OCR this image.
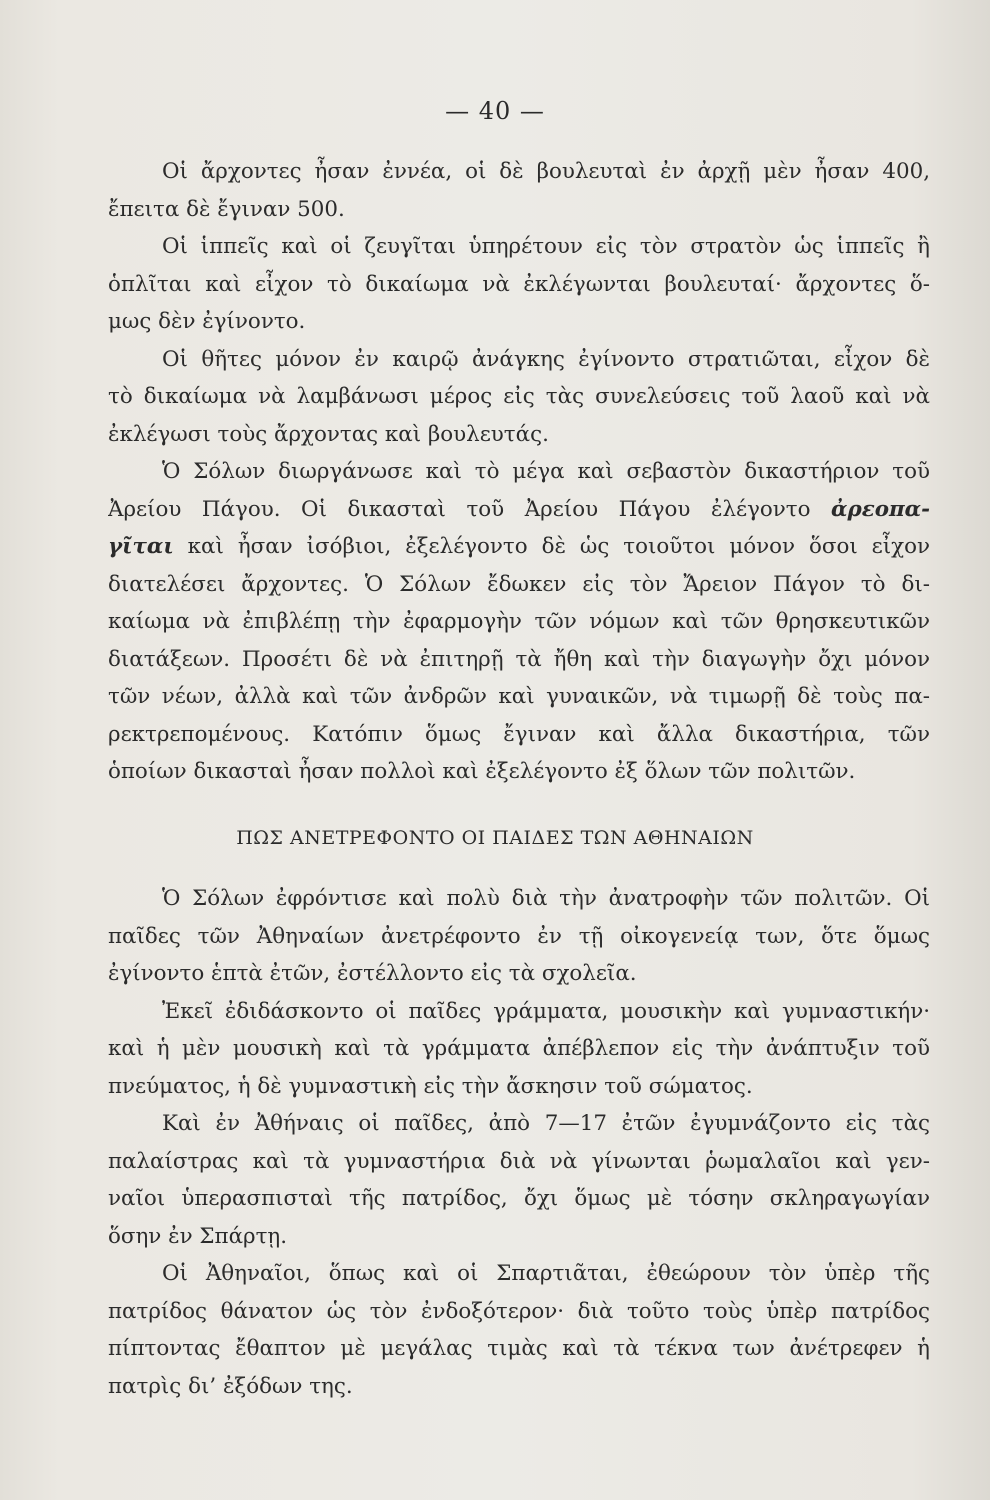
— 40 —
Οἱ ἄρχοντες ἦσαν ἐννέα, οἱ δὲ βουλευταὶ ἐν ἀρχῇ μὲν ἦσαν 400,
ἔπειτα δὲ ἔγιναν 500.
Οἱ ἱππεῖς καὶ οἱ ζευγῖται ὑπηρέτουν εἰς τὸν στρατὸν ὡς ἱππεῖς ἢ
ὁπλῖται καὶ εἶχον τὸ δικαίωμα νὰ ἐκλέγωνται βουλευταί· ἄρχοντες ὅ-
μως δὲν ἐγίνοντο.
Οἱ θῆτες μόνον ἐν καιρῷ ἀνάγκης ἐγίνοντο στρατιῶται, εἶχον δὲ
τὸ δικαίωμα νὰ λαμβάνωσι μέρος εἰς τὰς συνελεύσεις τοῦ λαοῦ καὶ νὰ
ἐκλέγωσι τοὺς ἄρχοντας καὶ βουλευτάς.
Ὁ Σόλων διωργάνωσε καὶ τὸ μέγα καὶ σεβαστὸν δικαστήριον τοῦ
Ἀρείου Πάγου. Οἱ δικασταὶ τοῦ Ἀρείου Πάγου ἐλέγοντο ἀρεοπα-
γῖται καὶ ἦσαν ἰσόβιοι, ἐξελέγοντο δὲ ὡς τοιοῦτοι μόνον ὅσοι εἶχον
διατελέσει ἄρχοντες. Ὁ Σόλων ἔδωκεν εἰς τὸν Ἄρειον Πάγον τὸ δι-
καίωμα νὰ ἐπιβλέπῃ τὴν ἐφαρμογὴν τῶν νόμων καὶ τῶν θρησκευτικῶν
διατάξεων. Προσέτι δὲ νὰ ἐπιτηρῇ τὰ ἤθη καὶ τὴν διαγωγὴν ὄχι μόνον
τῶν νέων, ἀλλὰ καὶ τῶν ἀνδρῶν καὶ γυναικῶν, νὰ τιμωρῇ δὲ τοὺς πα-
ρεκτρεπομένους. Κατόπιν ὅμως ἔγιναν καὶ ἄλλα δικαστήρια, τῶν
ὁποίων δικασταὶ ἦσαν πολλοὶ καὶ ἐξελέγοντο ἐξ ὅλων τῶν πολιτῶν.
ΠΩΣ ΑΝΕΤΡΕΦΟΝΤΟ ΟΙ ΠΑΙΔΕΣ ΤΩΝ ΑΘΗΝΑΙΩΝ
Ὁ Σόλων ἐφρόντισε καὶ πολὺ διὰ τὴν ἀνατροφὴν τῶν πολιτῶν. Οἱ
παῖδες τῶν Ἀθηναίων ἀνετρέφοντο ἐν τῇ οἰκογενείᾳ των, ὅτε ὅμως
ἐγίνοντο ἑπτὰ ἐτῶν, ἐστέλλοντο εἰς τὰ σχολεῖα.
Ἐκεῖ ἐδιδάσκοντο οἱ παῖδες γράμματα, μουσικὴν καὶ γυμναστικήν·
καὶ ἡ μὲν μουσικὴ καὶ τὰ γράμματα ἀπέβλεπον εἰς τὴν ἀνάπτυξιν τοῦ
πνεύματος, ἡ δὲ γυμναστικὴ εἰς τὴν ἄσκησιν τοῦ σώματος.
Καὶ ἐν Ἀθήναις οἱ παῖδες, ἀπὸ 7—17 ἐτῶν ἐγυμνάζοντο εἰς τὰς
παλαίστρας καὶ τὰ γυμναστήρια διὰ νὰ γίνωνται ῥωμαλαῖοι καὶ γεν-
ναῖοι ὑπερασπισταὶ τῆς πατρίδος, ὄχι ὅμως μὲ τόσην σκληραγωγίαν
ὅσην ἐν Σπάρτῃ.
Οἱ Ἀθηναῖοι, ὅπως καὶ οἱ Σπαρτιᾶται, ἐθεώρουν τὸν ὑπὲρ τῆς
πατρίδος θάνατον ὡς τὸν ἐνδοξότερον· διὰ τοῦτο τοὺς ὑπὲρ πατρίδος
πίπτοντας ἔθαπτον μὲ μεγάλας τιμὰς καὶ τὰ τέκνα των ἀνέτρεφεν ἡ
πατρὶς δι’ ἐξόδων της.
